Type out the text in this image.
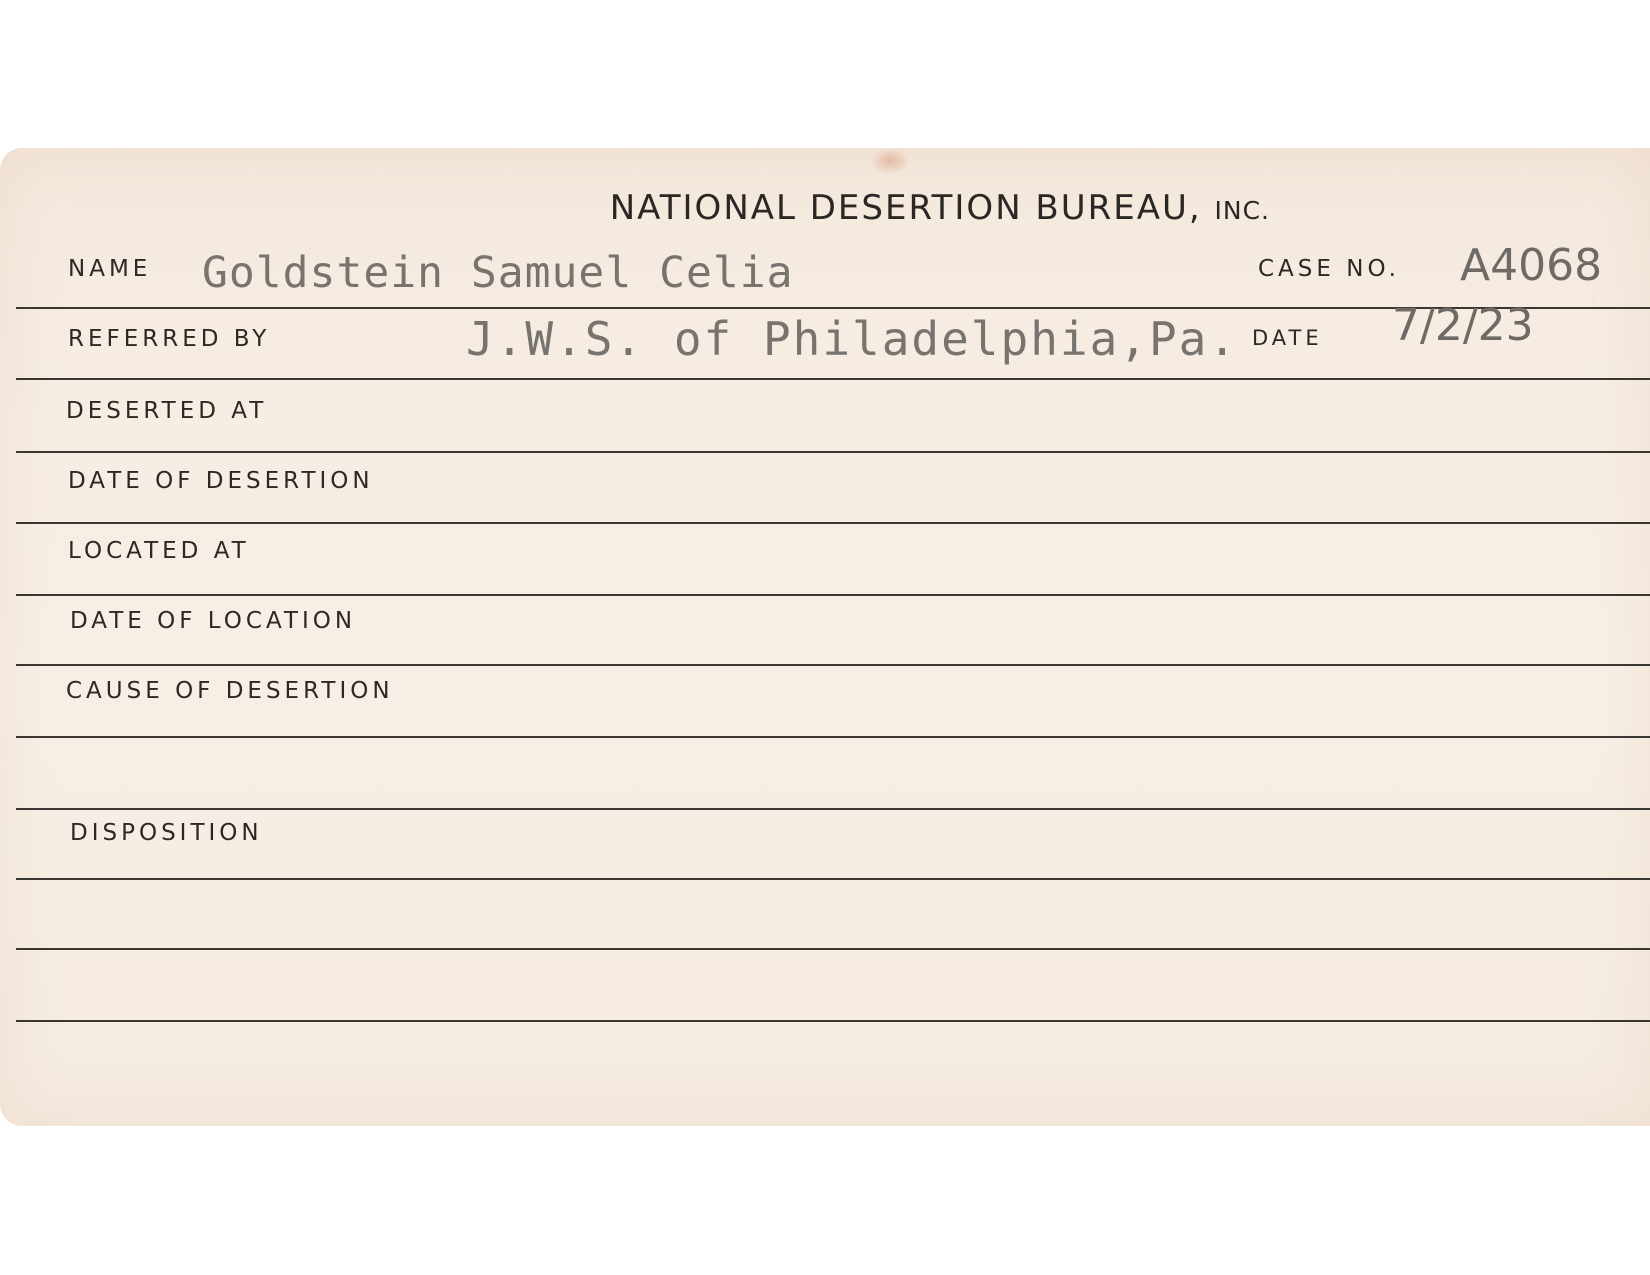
NATIONAL DESERTION BUREAU, INC.
NAME Goldstein Samuel Celia	CASE NO. A4068
REFERRED BY	J.W.S. of Philadelphia,Pa. DATE 7/2/23
DESERTED AT
DATE OF DESERTION
LOCATED AT
DATE OF LOCATION
CAUSE OF DESERTION
DISPOSITION
